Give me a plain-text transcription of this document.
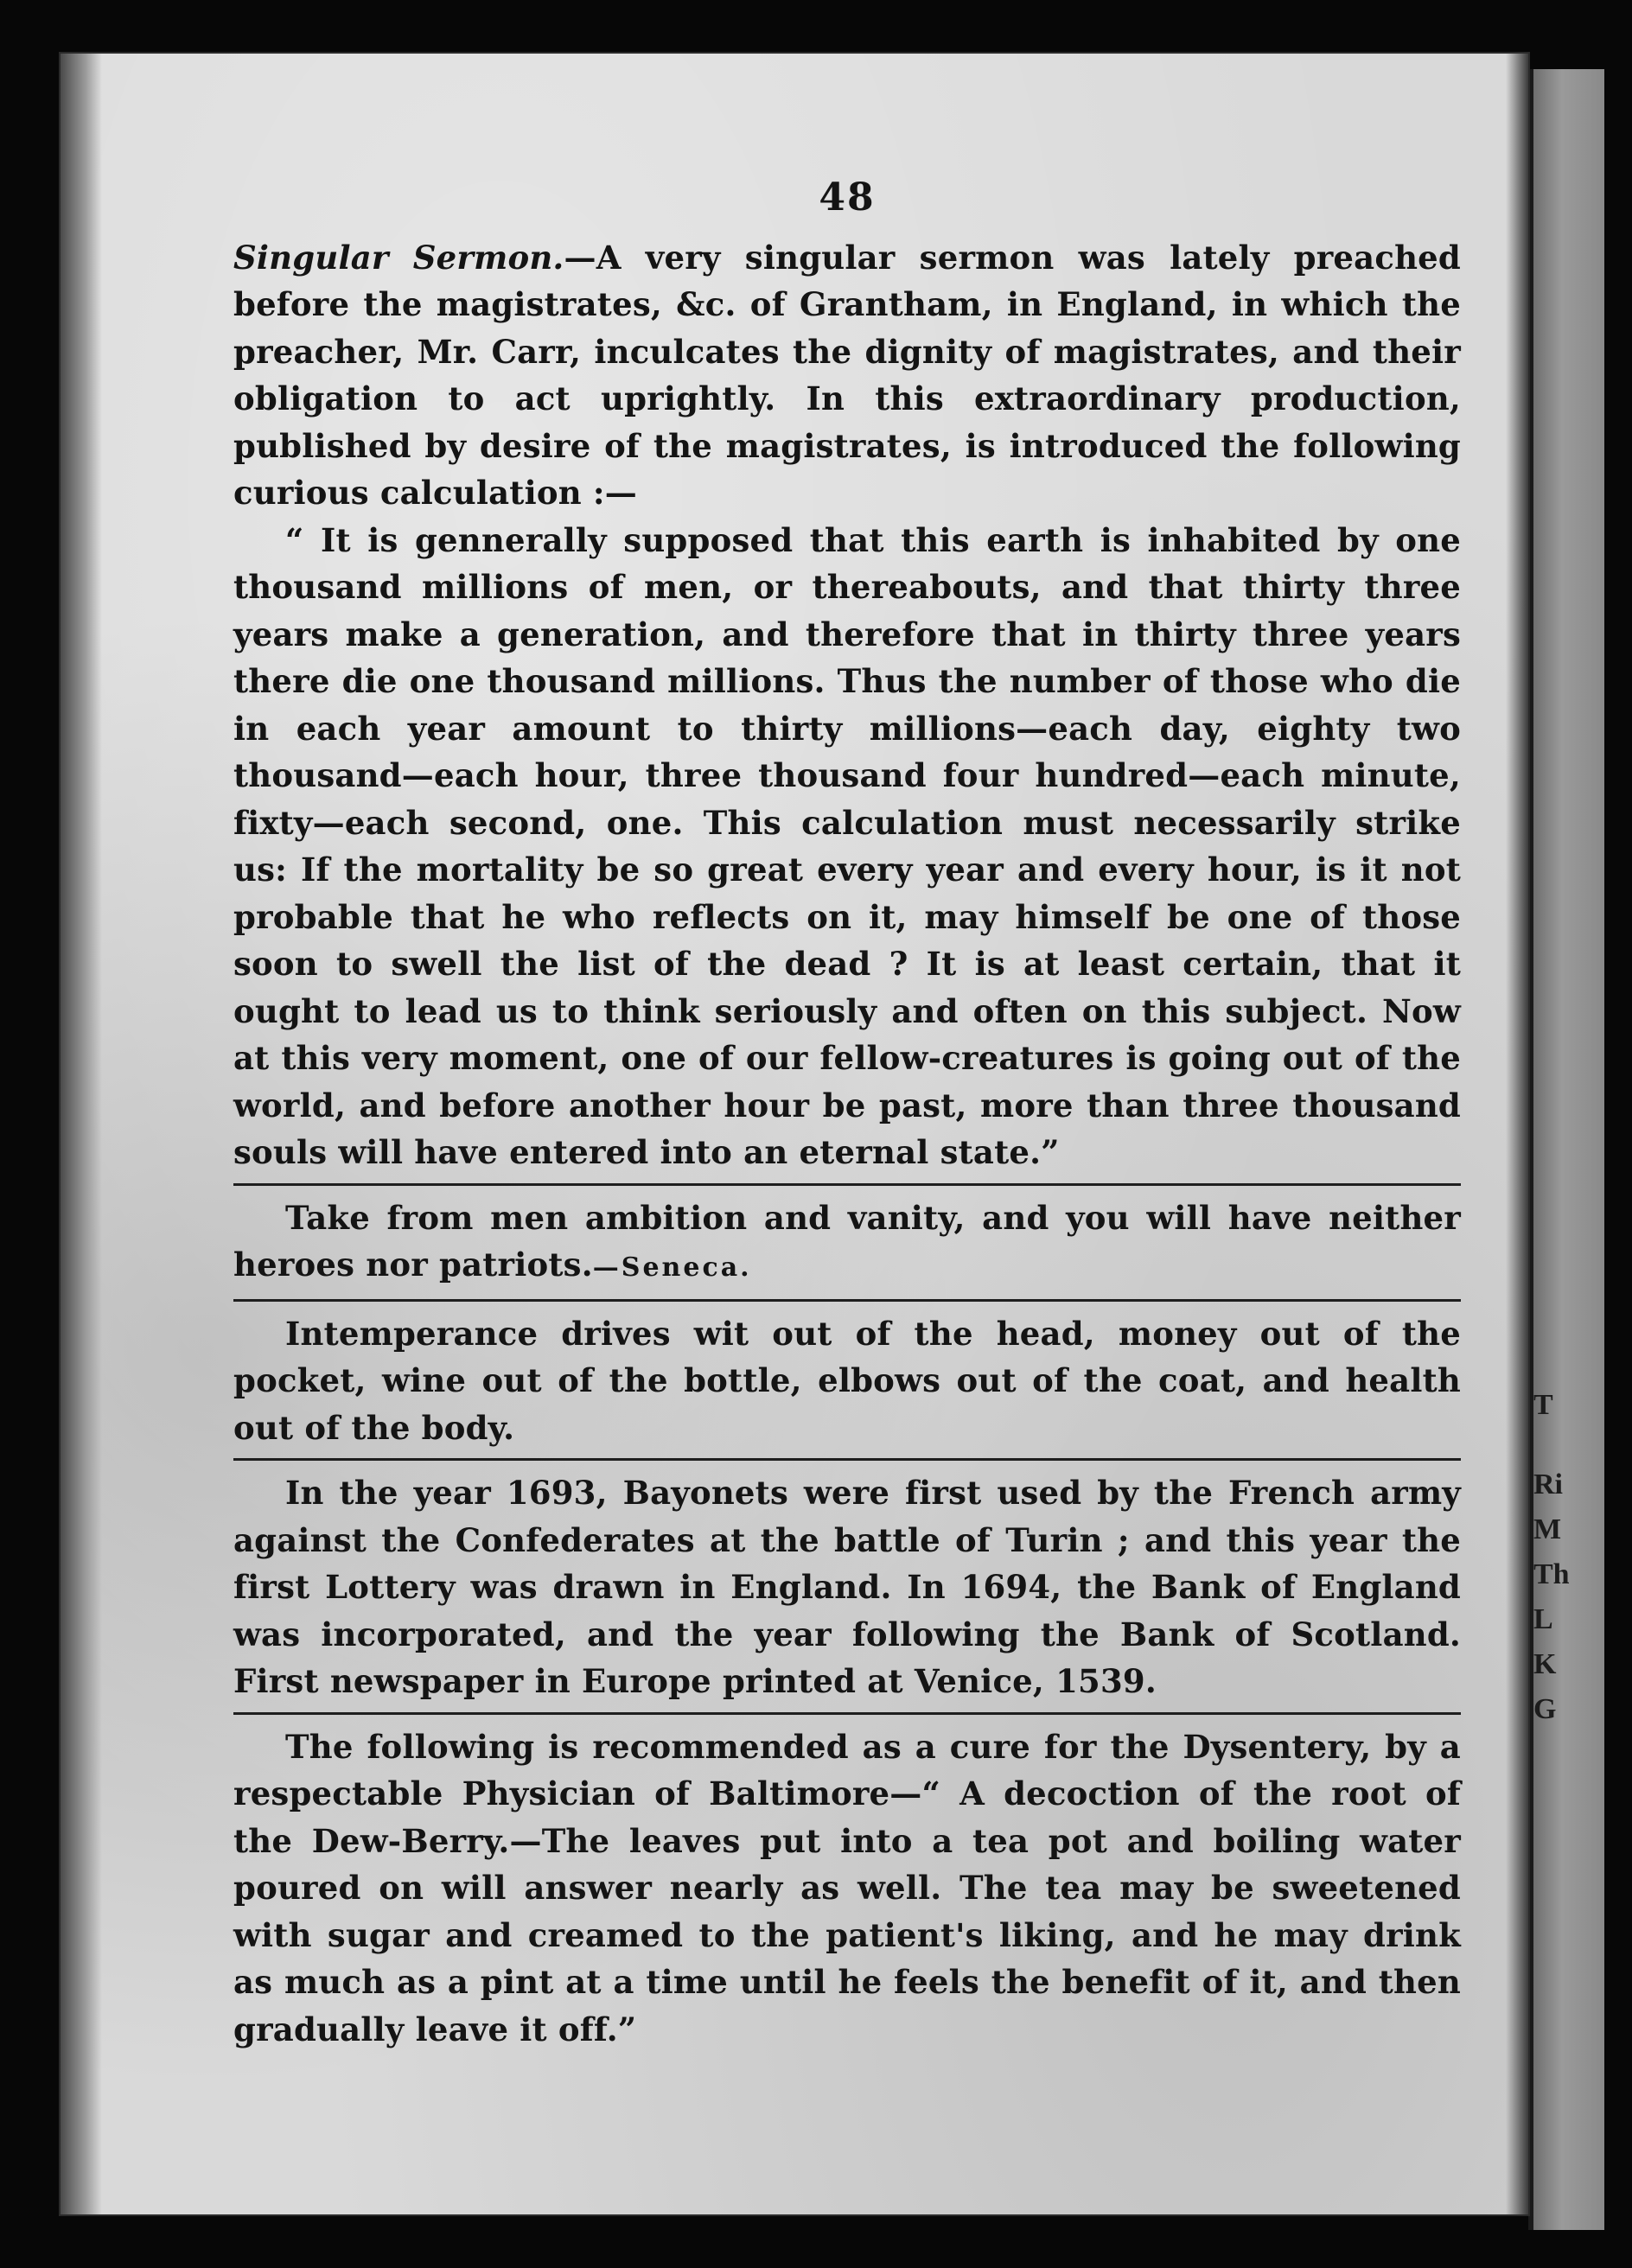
T
Ri
M
Th
L
K
G
48

Singular Sermon.—A very singular sermon was lately preached before the magistrates, &c. of Grantham, in England, in which the preacher, Mr. Carr, inculcates the dignity of magistrates, and their obligation to act uprightly. In this extraordinary production, published by desire of the magistrates, is introduced the following curious calculation :—

“ It is gennerally supposed that this earth is inhabited by one thousand millions of men, or thereabouts, and that thirty three years make a generation, and therefore that in thirty three years there die one thousand millions. Thus the number of those who die in each year amount to thirty millions—each day, eighty two thousand—each hour, three thousand four hundred—each minute, fixty—each second, one. This calculation must necessarily strike us: If the mortality be so great every year and every hour, is it not probable that he who reflects on it, may himself be one of those soon to swell the list of the dead ? It is at least certain, that it ought to lead us to think seriously and often on this subject. Now at this very moment, one of our fellow-creatures is going out of the world, and before another hour be past, more than three thousand souls will have entered into an eternal state.”

Take from men ambition and vanity, and you will have neither heroes nor patriots.—Seneca.

Intemperance drives wit out of the head, money out of the pocket, wine out of the bottle, elbows out of the coat, and health out of the body.

In the year 1693, Bayonets were first used by the French army against the Confederates at the battle of Turin ; and this year the first Lottery was drawn in England. In 1694, the Bank of England was incorporated, and the year following the Bank of Scotland. First newspaper in Europe printed at Venice, 1539.

The following is recommended as a cure for the Dysentery, by a respectable Physician of Baltimore—“ A decoction of the root of the Dew-Berry.—The leaves put into a tea pot and boiling water poured on will answer nearly as well. The tea may be sweetened with sugar and creamed to the patient's liking, and he may drink as much as a pint at a time until he feels the benefit of it, and then gradually leave it off.”
